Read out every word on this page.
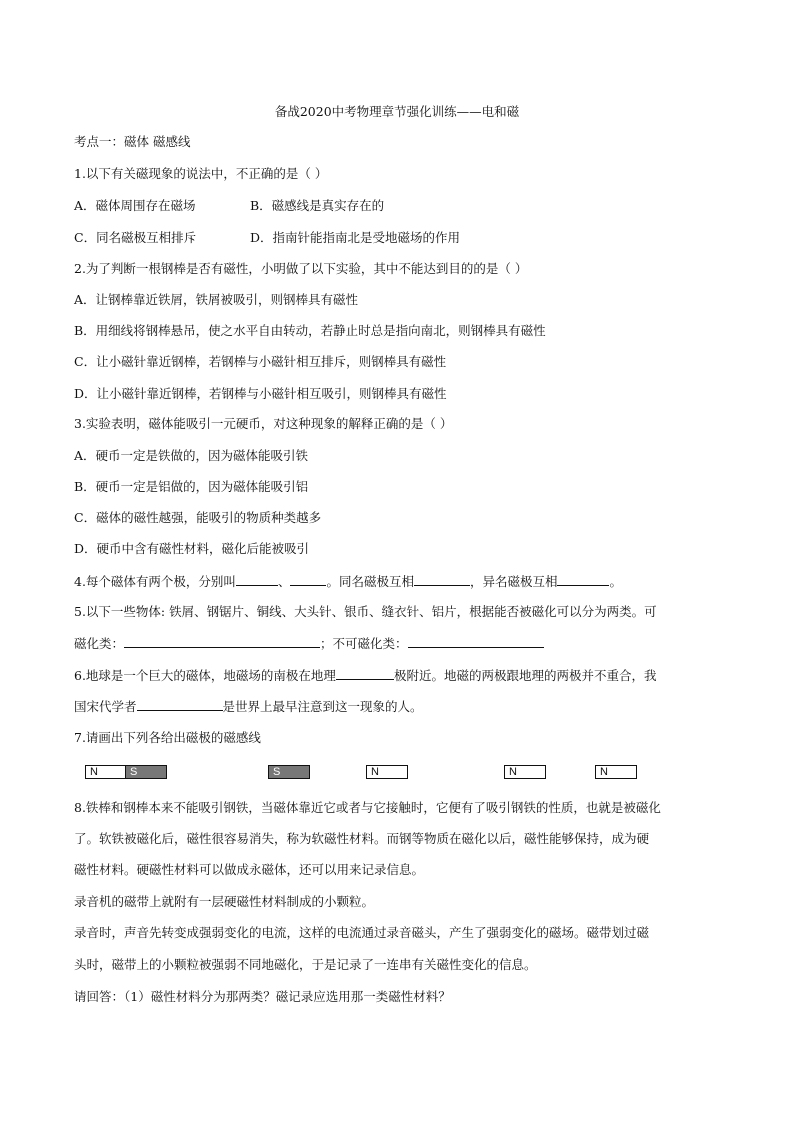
备战2020中考物理章节强化训练——电和磁
考点一：磁体 磁感线
1.以下有关磁现象的说法中，不正确的是（ ）
A．磁体周围存在磁场	B．磁感线是真实存在的
C．同名磁极互相排斥	D．指南针能指南北是受地磁场的作用
2.为了判断一根钢棒是否有磁性，小明做了以下实验，其中不能达到目的的是（ ）
A．让钢棒靠近铁屑，铁屑被吸引，则钢棒具有磁性
B．用细线将钢棒悬吊，使之水平自由转动，若静止时总是指向南北，则钢棒具有磁性
C．让小磁针靠近钢棒，若钢棒与小磁针相互排斥，则钢棒具有磁性
D．让小磁针靠近钢棒，若钢棒与小磁针相互吸引，则钢棒具有磁性
3.实验表明，磁体能吸引一元硬币，对这种现象的解释正确的是（ ）
A．硬币一定是铁做的，因为磁体能吸引铁
B．硬币一定是铝做的，因为磁体能吸引铝
C．磁体的磁性越强，能吸引的物质种类越多
D．硬币中含有磁性材料，磁化后能被吸引
4.每个磁体有两个极，分别叫	、	。同名磁极互相	，异名磁极互相	。
5.以下一些物体: 铁屑、钢锯片、铜线、大头针、银币、缝衣针、铝片，根据能否被磁化可以分为两类。可
磁化类：	；不可磁化类：
6.地球是一个巨大的磁体，地磁场的南极在地理	极附近。地磁的两极跟地理的两极并不重合，我
国宋代学者	是世界上最早注意到这一现象的人。
7.请画出下列各给出磁极的磁感线
N	S	S	N	N	N
8.铁棒和钢棒本来不能吸引钢铁，当磁体靠近它或者与它接触时，它便有了吸引钢铁的性质，也就是被磁化
了。软铁被磁化后，磁性很容易消失，称为软磁性材料。而钢等物质在磁化以后，磁性能够保持，成为硬
磁性材料。硬磁性材料可以做成永磁体，还可以用来记录信息。
录音机的磁带上就附有一层硬磁性材料制成的小颗粒。
录音时，声音先转变成强弱变化的电流，这样的电流通过录音磁头，产生了强弱变化的磁场。磁带划过磁
头时，磁带上的小颗粒被强弱不同地磁化，于是记录了一连串有关磁性变化的信息。
请回答：（1）磁性材料分为那两类？磁记录应选用那一类磁性材料？
